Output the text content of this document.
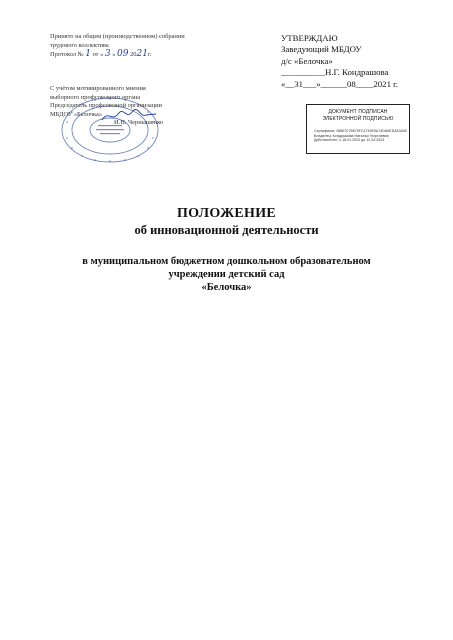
Принято на общем (производственном) собрании
трудового коллектива
Протокол № 1 от « 3 » 09 2021г.
С учётом мотивированного мнения
выборного профсоюзного органа
Председатель профсоюзной организации
МБДОУ «Белочка»
И.Н. Чернышенко
УТВЕРЖДАЮ
Заведующий МБДОУ
д/с «Белочка»
__________Н.Г. Кондрашова
«__31___»______08____2021 г.
ДОКУМЕНТ ПОДПИСАН
ЭЛЕКТРОННОЙ ПОДПИСЬЮ
Сертификат: 066E3729675FC4749E5A74D6AED3A3A50
Владелец: Кондрашова Наталья Георгиевна
Действителен: с 18.01.2023 до 12.04.2024
ПОЛОЖЕНИЕ
об инновационной деятельности
в муниципальном бюджетном дошкольном образовательном
учреждении детский сад
«Белочка»
